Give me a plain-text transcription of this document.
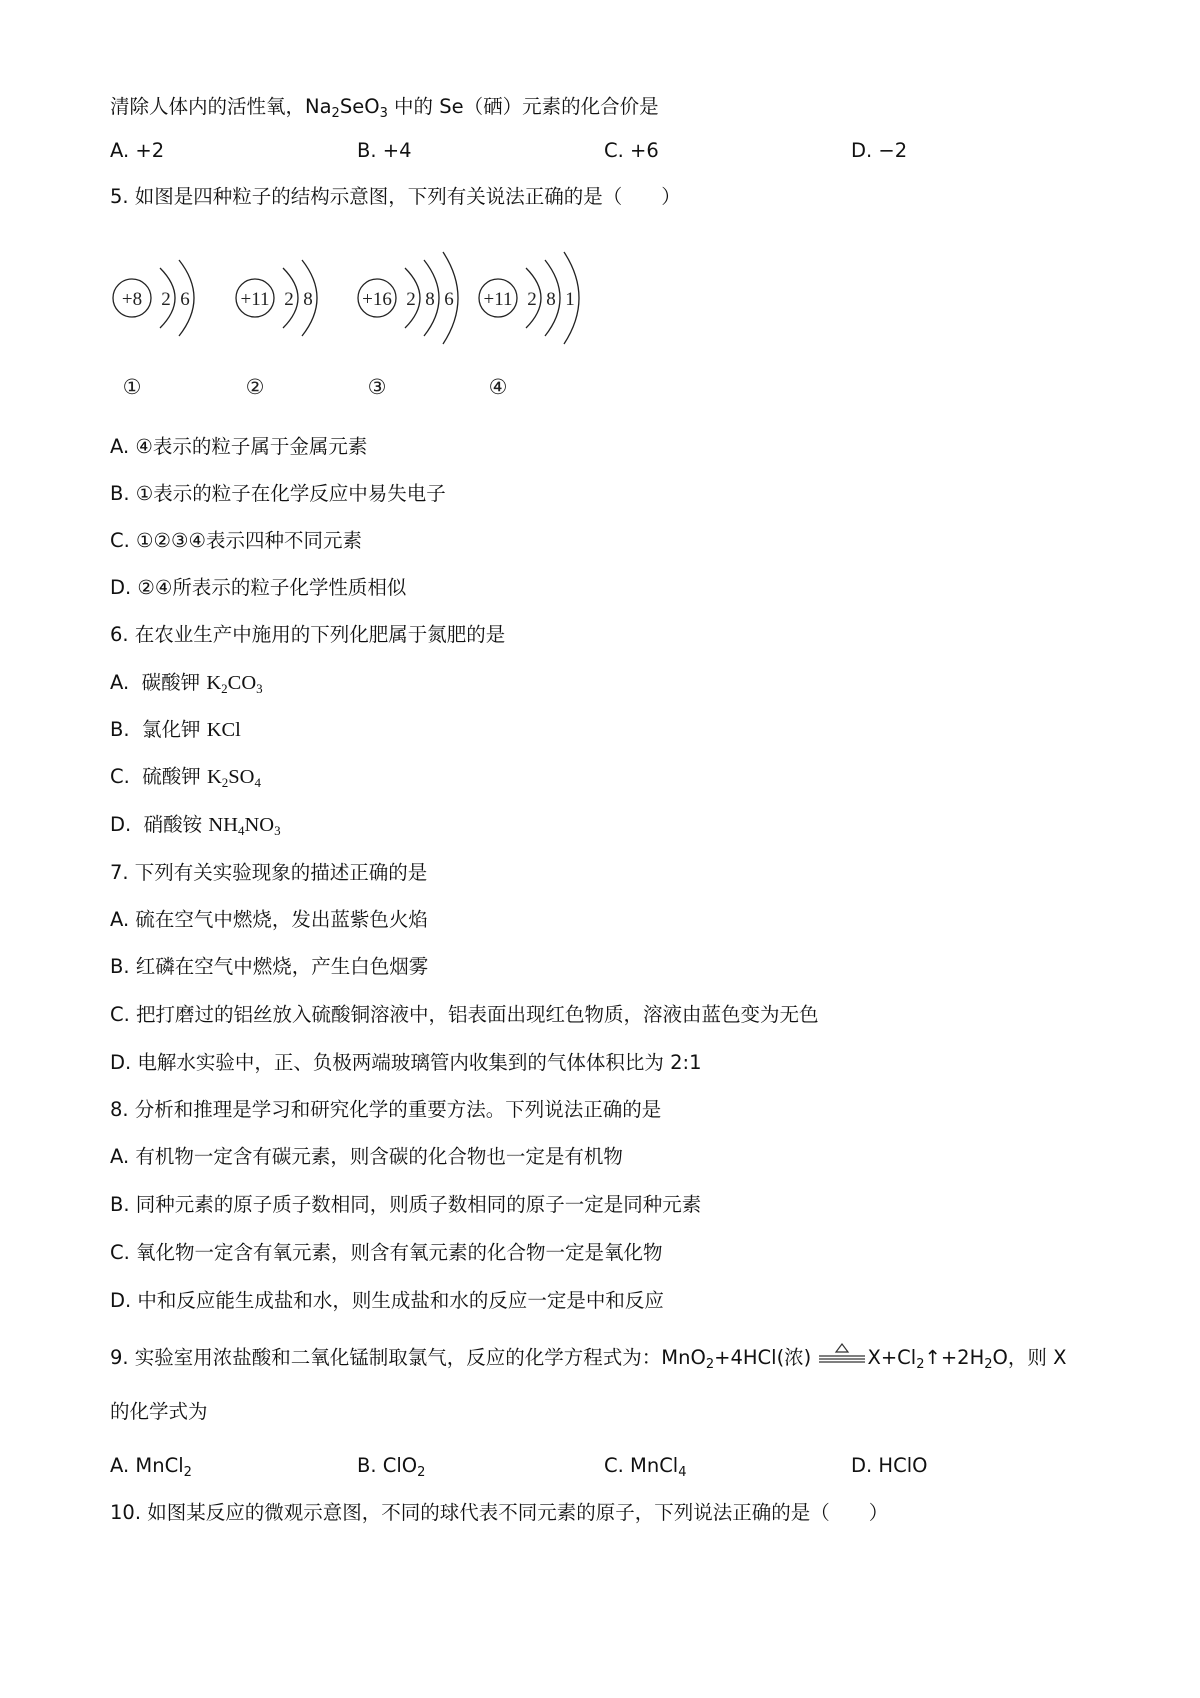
清除人体内的活性氧，$Na_2SeO_3$ 中的 Se（硒）元素的化合价是
A. +2	B. +4	C. +6	D. −2
5. 如图是四种粒子的结构示意图，下列有关说法正确的是（　　）
+8 2 6
①
+11 2 8
②
+16 2 8 6
③
+11 2 8 1
④
A. ④表示的粒子属于金属元素
B. ①表示的粒子在化学反应中易失电子
C. ①②③④表示四种不同元素
D. ②④所表示的粒子化学性质相似
6. 在农业生产中施用的下列化肥属于氮肥的是
A. 碳酸钾 $K_2CO_3$
B. 氯化钾 KCl
C. 硫酸钾 $K_2SO_4$
D. 硝酸铵 $NH_4NO_3$
7. 下列有关实验现象的描述正确的是
A. 硫在空气中燃烧，发出蓝紫色火焰
B. 红磷在空气中燃烧，产生白色烟雾
C. 把打磨过的铝丝放入硫酸铜溶液中，铝表面出现红色物质，溶液由蓝色变为无色
D. 电解水实验中，正、负极两端玻璃管内收集到的气体体积比为 2:1
8. 分析和推理是学习和研究化学的重要方法。下列说法正确的是
A. 有机物一定含有碳元素，则含碳的化合物也一定是有机物
B. 同种元素的原子质子数相同，则质子数相同的原子一定是同种元素
C. 氧化物一定含有氧元素，则含有氧元素的化合物一定是氧化物
D. 中和反应能生成盐和水，则生成盐和水的反应一定是中和反应
9. 实验室用浓盐酸和二氧化锰制取氯气，反应的化学方程式为：MnO$_2$+4HCl(浓)	$X+Cl_2↑+2H_2O$，则 X
的化学式为
A. MnCl$_2$	B. ClO$_2$	C. MnCl$_4$	D. HClO
10. 如图某反应的微观示意图，不同的球代表不同元素的原子，下列说法正确的是（　　）
